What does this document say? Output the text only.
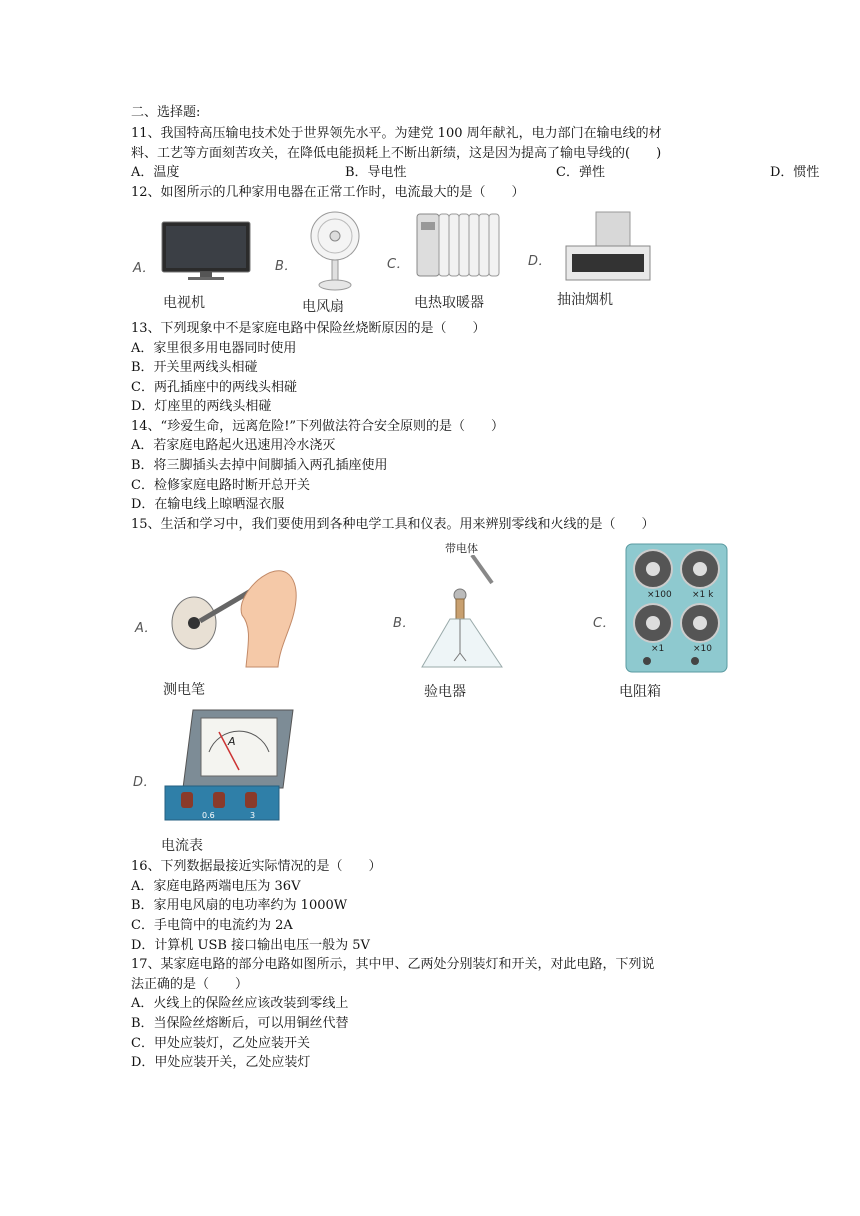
二、选择题:
11、我国特高压输电技术处于世界领先水平。为建党 100 周年献礼，电力部门在输电线的材
料、工艺等方面刻苦攻关，在降低电能损耗上不断出新绩，这是因为提高了输电导线的(　　)
A．温度	B．导电性	C．弹性	D．惯性
12、如图所示的几种家用电器在正常工作时，电流最大的是（　　）
A．
电视机
B．
电风扇
C．
电热取暖器
D．
抽油烟机
13、下列现象中不是家庭电路中保险丝烧断原因的是（　　）
A．家里很多用电器同时使用
B．开关里两线头相碰
C．两孔插座中的两线头相碰
D．灯座里的两线头相碰
14、“珍爱生命，远离危险!”下列做法符合安全原则的是（　　）
A．若家庭电路起火迅速用冷水浇灭
B．将三脚插头去掉中间脚插入两孔插座使用
C．检修家庭电路时断开总开关
D．在输电线上晾晒湿衣服
15、生活和学习中，我们要使用到各种电学工具和仪表。用来辨别零线和火线的是（　　）
A．
测电笔
B．
带电体
验电器
C．
×100 ×1 k
×1	×10
电阻箱
D．
A
0.6	3
电流表
16、下列数据最接近实际情况的是（　　）
A．家庭电路两端电压为 36V
B．家用电风扇的电功率约为 1000W
C．手电筒中的电流约为 2A
D．计算机 USB 接口输出电压一般为 5V
17、某家庭电路的部分电路如图所示，其中甲、乙两处分别装灯和开关，对此电路，下列说
法正确的是（　　）
A．火线上的保险丝应该改装到零线上
B．当保险丝熔断后，可以用铜丝代替
C．甲处应装灯，乙处应装开关
D．甲处应装开关，乙处应装灯
